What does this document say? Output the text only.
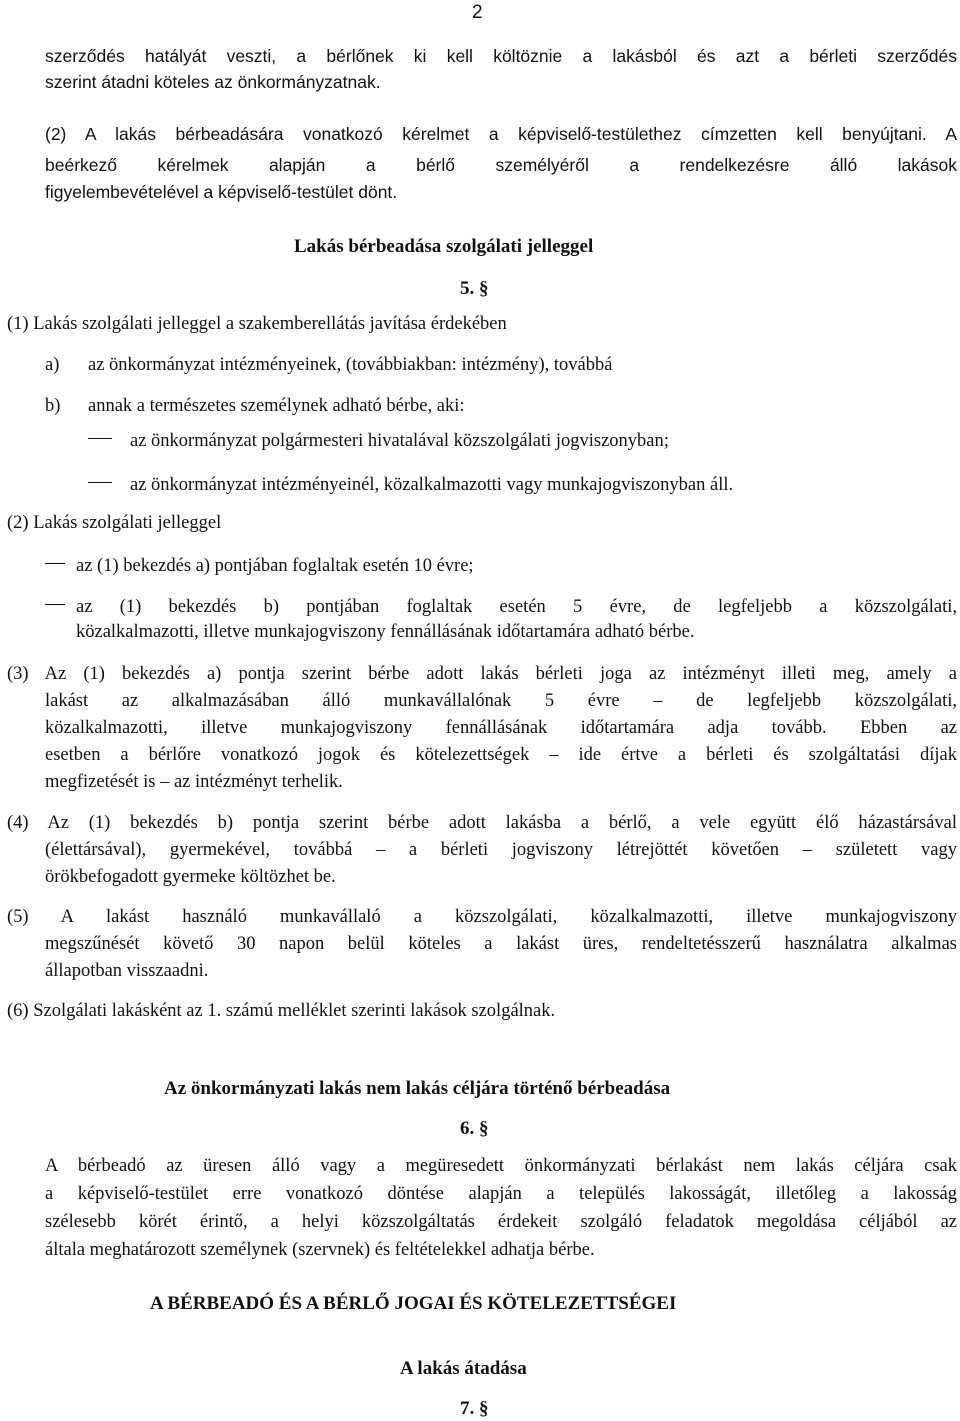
2
szerződés hatályát veszti, a bérlőnek ki kell költöznie a lakásból és azt a bérleti szerződés
szerint átadni köteles az önkormányzatnak.
(2) A lakás bérbeadására vonatkozó kérelmet a képviselő-testülethez címzetten kell benyújtani. A
beérkező kérelmek alapján a bérlő személyéről a rendelkezésre álló lakások
figyelembevételével a képviselő-testület dönt.
Lakás bérbeadása szolgálati jelleggel
5. §
(1) Lakás szolgálati jelleggel a szakemberellátás javítása érdekében
a) az önkormányzat intézményeinek, (továbbiakban: intézmény), továbbá
b) annak a természetes személynek adható bérbe, aki:
az önkormányzat polgármesteri hivatalával közszolgálati jogviszonyban;
az önkormányzat intézményeinél, közalkalmazotti vagy munkajogviszonyban áll.
(2) Lakás szolgálati jelleggel
az (1) bekezdés a) pontjában foglaltak esetén 10 évre;
az (1) bekezdés b) pontjában foglaltak esetén 5 évre, de legfeljebb a közszolgálati,
közalkalmazotti, illetve munkajogviszony fennállásának időtartamára adható bérbe.
(3) Az (1) bekezdés a) pontja szerint bérbe adott lakás bérleti joga az intézményt illeti meg, amely a
lakást az alkalmazásában álló munkavállalónak 5 évre – de legfeljebb közszolgálati,
közalkalmazotti, illetve munkajogviszony fennállásának időtartamára adja tovább. Ebben az
esetben a bérlőre vonatkozó jogok és kötelezettségek – ide értve a bérleti és szolgáltatási díjak
megfizetését is – az intézményt terhelik.
(4) Az (1) bekezdés b) pontja szerint bérbe adott lakásba a bérlő, a vele együtt élő házastársával
(élettársával), gyermekével, továbbá – a bérleti jogviszony létrejöttét követően – született vagy
örökbefogadott gyermeke költözhet be.
(5) A lakást használó munkavállaló a közszolgálati, közalkalmazotti, illetve munkajogviszony
megszűnését követő 30 napon belül köteles a lakást üres, rendeltetésszerű használatra alkalmas
állapotban visszaadni.
(6) Szolgálati lakásként az 1. számú melléklet szerinti lakások szolgálnak.
Az önkormányzati lakás nem lakás céljára történő bérbeadása
6. §
A bérbeadó az üresen álló vagy a megüresedett önkormányzati bérlakást nem lakás céljára csak
a képviselő-testület erre vonatkozó döntése alapján a település lakosságát, illetőleg a lakosság
szélesebb körét érintő, a helyi közszolgáltatás érdekeit szolgáló feladatok megoldása céljából az
általa meghatározott személynek (szervnek) és feltételekkel adhatja bérbe.
A BÉRBEADÓ ÉS A BÉRLŐ JOGAI ÉS KÖTELEZETTSÉGEI
A lakás átadása
7. §
